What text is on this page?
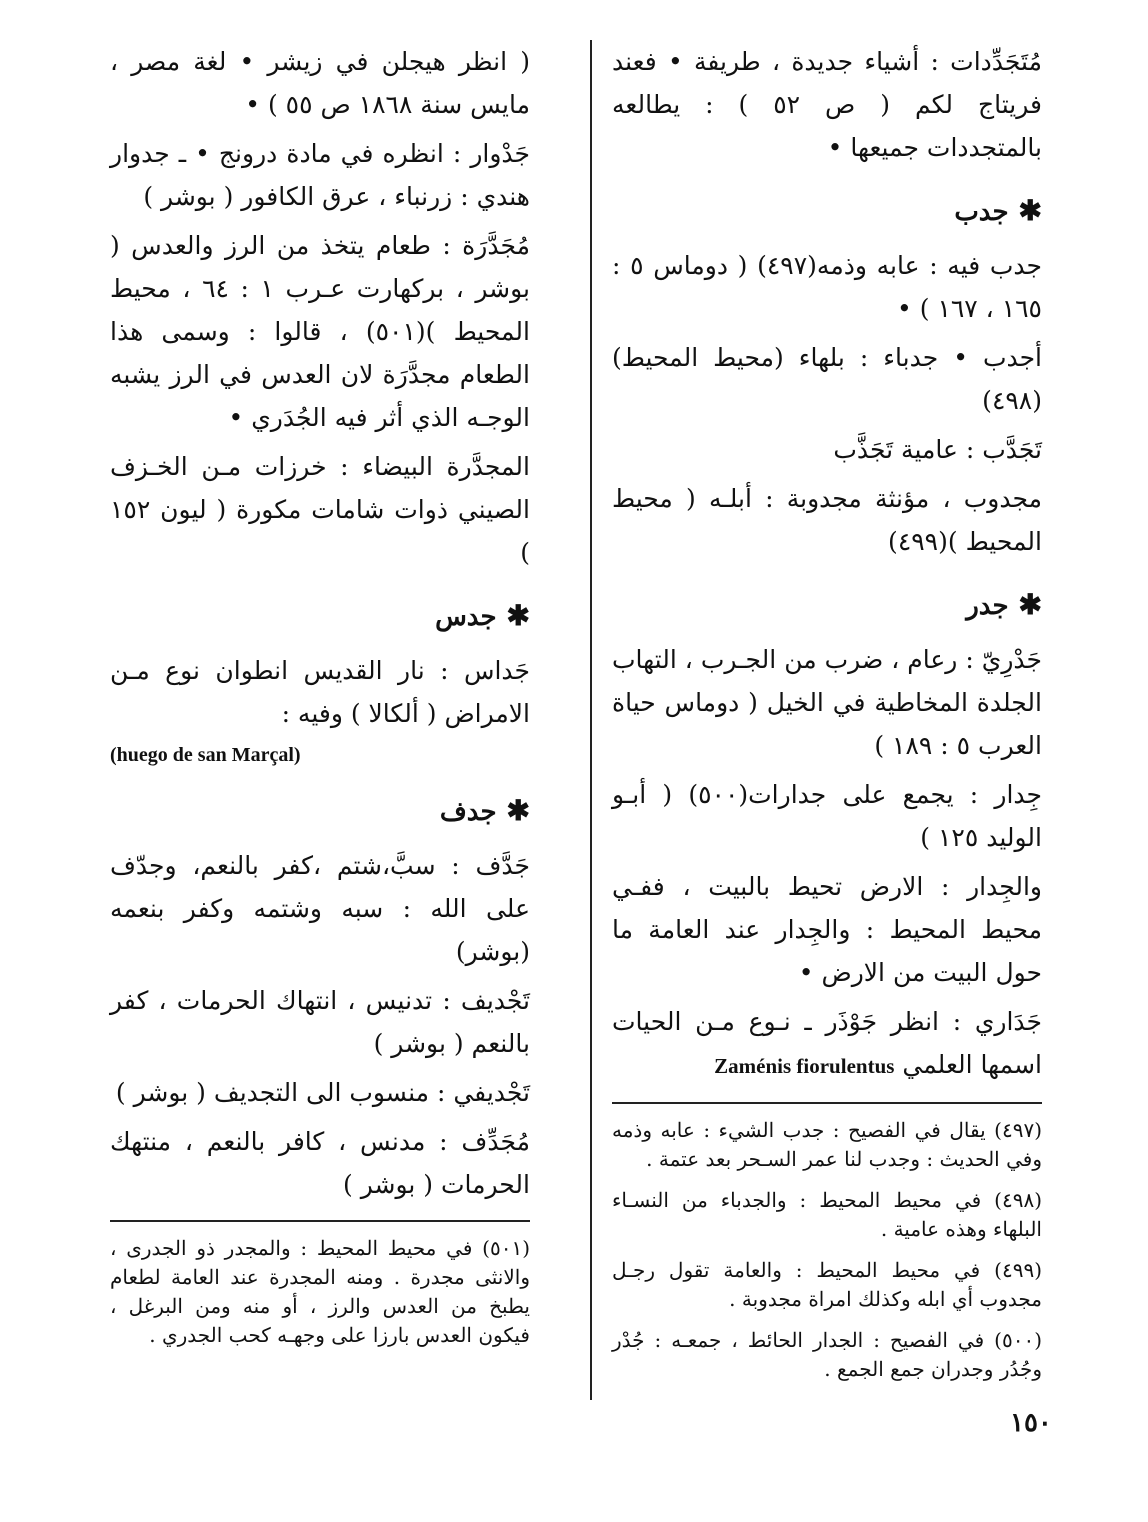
مُتَجَدِّدات : أشياء جديدة ، طريفة • فعند فريتاج لكم ( ص ٥٢ ) : يطالعه بالمتجددات جميعها •

✱جدب

جدب فيه : عابه وذمه(٤٩٧) ( دوماس ٥ : ١٦٥ ، ١٦٧ ) •

أجدب • جدباء : بلهاء (محيط المحيط)(٤٩٨)

تَجَدَّب : عامية تَجَذَّب

مجدوب ، مؤنثة مجدوبة : أبلـه ( محيط المحيط )(٤٩٩)

✱جدر

جَدْرِيّ : رعام ، ضرب من الجـرب ، التهاب الجلدة المخاطية في الخيل ( دوماس حياة العرب ٥ : ١٨٩ )

جِدار : يجمع على جدارات(٥٠٠) ( أبـو الوليد ١٢٥ )

والجِدار : الارض تحيط بالبيت ، ففـي محيط المحيط : والجِدار عند العامة ما حول البيت من الارض •

جَدَاري : انظر جَوْذَر ـ نـوع مـن الحيات اسمها العلمي Zaménis fiorulentus

(٤٩٧) يقال في الفصيح : جدب الشيء : عابه وذمه وفي الحديث : وجدب لنا عمر السـحر بعد عتمة .

(٤٩٨) في محيط المحيط : والجدباء من النسـاء البلهاء وهذه عامية .

(٤٩٩) في محيط المحيط : والعامة تقول رجـل مجدوب أي ابله وكذلك امراة مجدوبة .

(٥٠٠) في الفصيح : الجدار الحائط ، جمعـه : جُدْر وجُدُر وجدران جمع الجمع .

( انظر هيجلن في زيشر • لغة مصر ، مايس سنة ١٨٦٨ ص ٥٥ ) •

جَدْوار : انظره في مادة درونج • ـ جدوار هندي : زرنباء ، عرق الكافور ( بوشر )

مُجَدَّرَة : طعام يتخذ من الرز والعدس ( بوشر ، بركهارت عـرب ١ : ٦٤ ، محيط المحيط )(٥٠١) ، قالوا : وسمى هذا الطعام مجدَّرَة لان العدس في الرز يشبه الوجـه الذي أثر فيه الجُدَري •

المجدَّرة البيضاء : خرزات مـن الخـزف الصيني ذوات شامات مكورة ( ليون ١٥٢ )

✱جدس

جَداس : نار القديس انطوان نوع مـن الامراض ( ألكالا ) وفيه :

(huego de san Marçal)

✱جدف

جَدَّف : سبَّ،شتم ،كفر بالنعم، وجدّف على الله : سبه وشتمه وكفر بنعمه (بوشر)

تَجْديف : تدنيس ، انتهاك الحرمات ، كفر بالنعم ( بوشر )

تَجْديفي : منسوب الى التجديف ( بوشر )

مُجَدِّف : مدنس ، كافر بالنعم ، منتهك الحرمات ( بوشر )

(٥٠١) في محيط المحيط : والمجدر ذو الجدرى ، والانثى مجدرة . ومنه المجدرة عند العامة لطعام يطبخ من العدس والرز ، أو منه ومن البرغل ، فيكون العدس بارزا على وجهـه كحب الجدري .

١٥٠
